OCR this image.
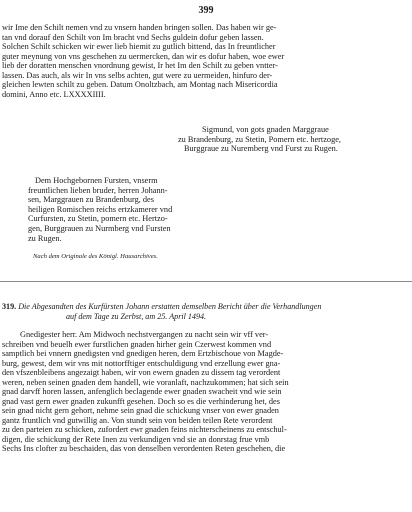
399

wir Ime den Schilt nemen vnd zu vnsern handen bringen sollen. Das haben wir ge-
tan vnd dorauf den Schilt von Im bracht vnd Sechs guldein dofur geben lassen.
Solchen Schilt schicken wir ewer lieb hiemit zu gutlich bittend, das In freuntlicher
guter meynung von vns geschehen zu uermercken, dan wir es dofur haben, woe ewer
lieb der doratten menschen vnordnung gewist, Ir het Im den Schilt zu geben vntter-
lassen. Das auch, als wir In vns selbs achten, gut were zu uermeiden, hinfuro der-
gleichen lewten schilt zu geben. Datum Onoltzbach, am Montag nach Misericordia
domini, Anno etc. LXXXXIIII.

Sigmund, von gots gnaden Marggraue
zu Brandenburg, zu Stetin, Pomern etc. hertzoge,
Burggraue zu Nuremberg vnd Furst zu Rugen.
Dem Hochgebornen Fursten, vnserm
freuntlichen lieben bruder, herren Johann-
sen, Marggrauen zu Brandenburg, des
heiligen Romischen reichs ertzkamerer vnd
Curfursten, zu Stetin, pomern etc. Hertzo-
gen, Burggrauen zu Nurmberg vnd Fursten
zu Rugen.
Nach dem Originale des Königl. Hausarchives.
319. Die Abgesandten des Kurfürsten Johann erstatten demselben Bericht über die Verhandlungen
auf dem Tage zu Zerbst, am 25. April 1494.

Gnedigester herr. Am Midwoch nechstvergangen zu nacht sein wir vff ver-
schreiben vnd beuelh ewer furstlichen gnaden hirher gein Czerwest kommen vnd
samptlich bei vnnern gnedigsten vnd gnedigen heren, dem Ertzbischoue von Magde-
burg, gewest, dem wir vns mit nottorfftiger entschuldigung vnd erzellung ewer gna-
den vfszenbleibens angezaigt haben, wir von ewern gnaden zu dissem tag verordent
weren, neben seinen gnaden dem handell, wie voranlaft, nachzukommen; hat sich sein
gnad darvff horen lassen, anfenglich beclagende ewer gnaden swacheit vnd wie sein
gnad vast gern ewer gnaden zukunfft gesehen. Doch so es die verhinderung het, des
sein gnad nicht gern gehort, nehme sein gnad die schickung vnser von ewer gnaden
gantz fruntlich vnd gutwillig an. Von stundt sein von beiden teilen Rete verordent
zu den parteien zu schicken, zufordert ewr gnaden feins nichterscheinens zu entschul-
digen, die schickung der Rete Inen zu verkundigen vnd sie an donrstag frue vmb
Sechs Ins clofter zu beschaiden, das von denselben verordenten Reten geschehen, die
